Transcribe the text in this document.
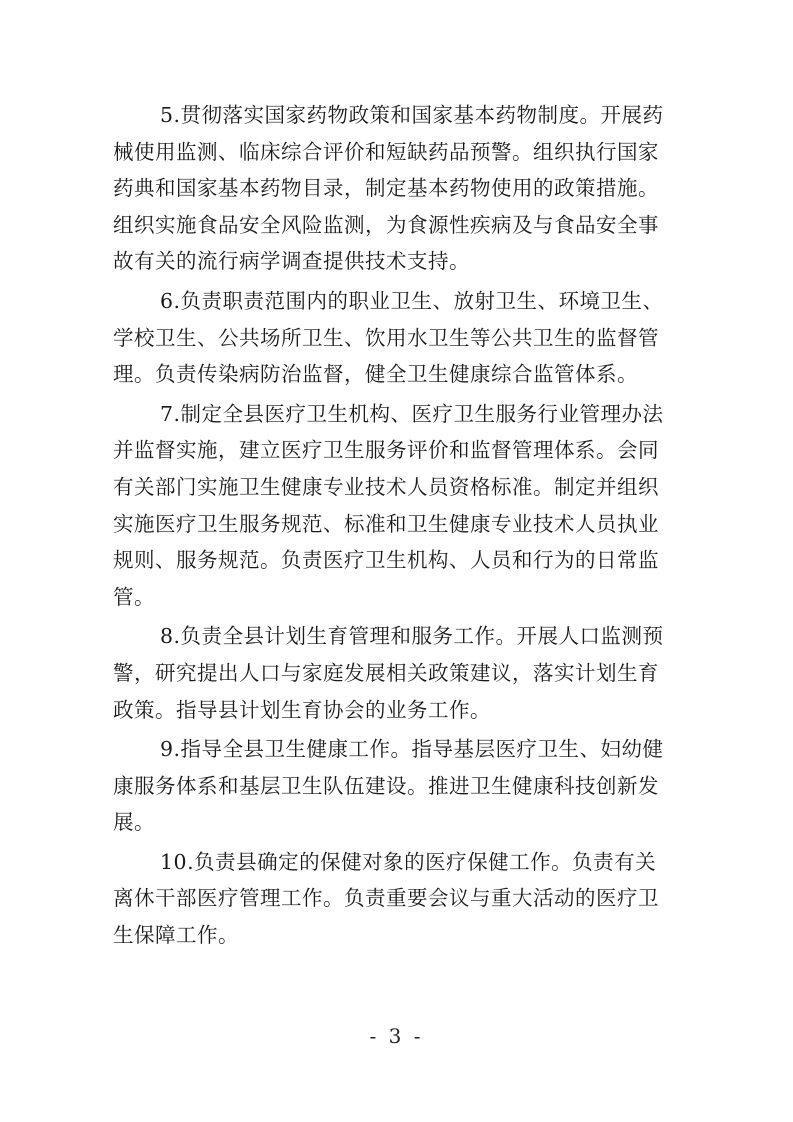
5.贯彻落实国家药物政策和国家基本药物制度。开展药
械使用监测、临床综合评价和短缺药品预警。组织执行国家
药典和国家基本药物目录，制定基本药物使用的政策措施。
组织实施食品安全风险监测，为食源性疾病及与食品安全事
故有关的流行病学调查提供技术支持。
6.负责职责范围内的职业卫生、放射卫生、环境卫生、
学校卫生、公共场所卫生、饮用水卫生等公共卫生的监督管
理。负责传染病防治监督，健全卫生健康综合监管体系。
7.制定全县医疗卫生机构、医疗卫生服务行业管理办法
并监督实施，建立医疗卫生服务评价和监督管理体系。会同
有关部门实施卫生健康专业技术人员资格标准。制定并组织
实施医疗卫生服务规范、标准和卫生健康专业技术人员执业
规则、服务规范。负责医疗卫生机构、人员和行为的日常监
管。
8.负责全县计划生育管理和服务工作。开展人口监测预
警，研究提出人口与家庭发展相关政策建议，落实计划生育
政策。指导县计划生育协会的业务工作。
9.指导全县卫生健康工作。指导基层医疗卫生、妇幼健
康服务体系和基层卫生队伍建设。推进卫生健康科技创新发
展。
10.负责县确定的保健对象的医疗保健工作。负责有关
离休干部医疗管理工作。负责重要会议与重大活动的医疗卫
生保障工作。
- 3 -
